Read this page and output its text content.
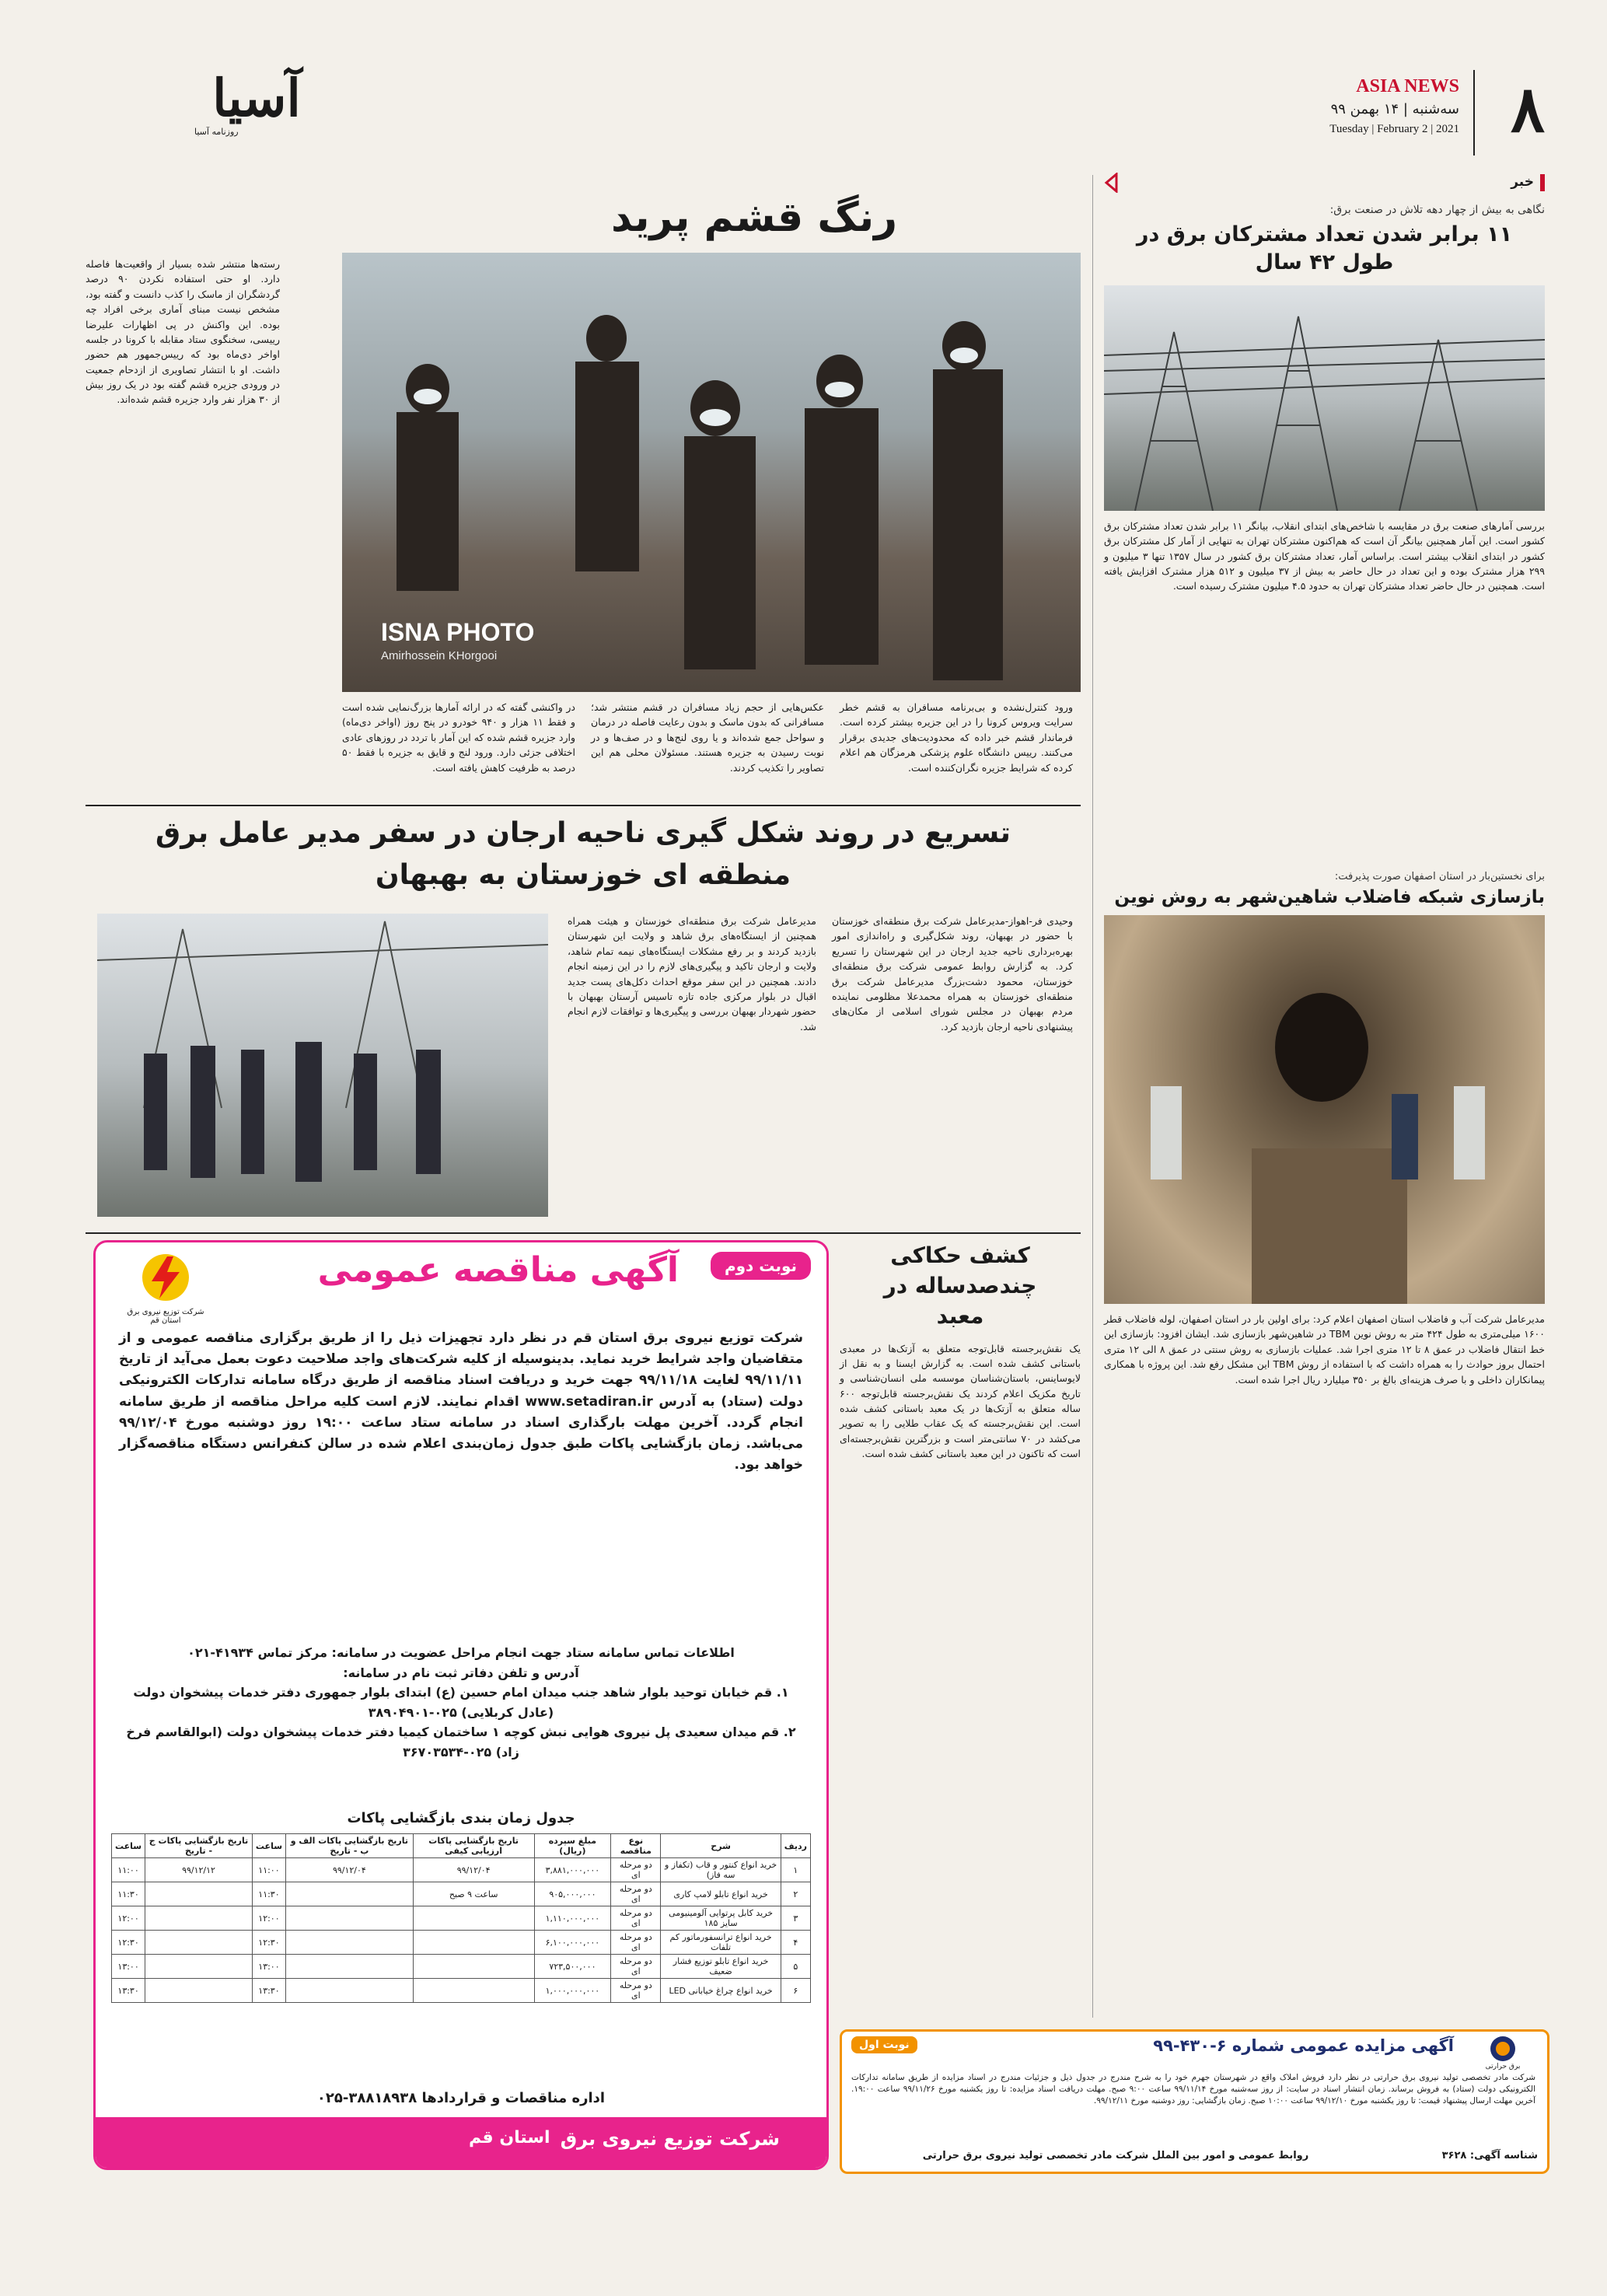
۸
ASIA NEWS
سه‌شنبه | ۱۴ بهمن ۹۹
Tuesday | February 2 | 2021
آسیا
روزنامه آسیا
خبر
نگاهی به بیش از چهار دهه تلاش در صنعت برق:
۱۱ برابر شدن تعداد مشترکان برق در طول ۴۲ سال
بررسی آمارهای صنعت برق در مقایسه با شاخص‌های ابتدای انقلاب، بیانگر ۱۱ برابر شدن تعداد مشترکان برق کشور است. این آمار همچنین بیانگر آن است که هم‌اکنون مشترکان تهران به تنهایی از آمار کل مشترکان برق کشور در ابتدای انقلاب بیشتر است. براساس آمار، تعداد مشترکان برق کشور در سال ۱۳۵۷ تنها ۳ میلیون و ۲۹۹ هزار مشترک بوده و این تعداد در حال حاضر به بیش از ۳۷ میلیون و ۵۱۲ هزار مشترک افزایش یافته است. همچنین در حال حاضر تعداد مشترکان تهران به حدود ۴.۵ میلیون مشترک رسیده است.
برای نخستین‌بار در استان اصفهان صورت پذیرفت:
بازسازی شبکه فاضلاب شاهین‌شهر به روش نوین
مدیرعامل شرکت آب و فاضلاب استان اصفهان اعلام کرد: برای اولین بار در استان اصفهان، لوله فاضلاب قطر ۱۶۰۰ میلی‌متری به طول ۴۲۴ متر به روش نوین TBM در شاهین‌شهر بازسازی شد. ایشان افزود: بازسازی این خط انتقال فاضلاب در عمق ۸ تا ۱۲ متری اجرا شد. عملیات بازسازی به روش سنتی در عمق ۸ الی ۱۲ متری احتمال بروز حوادث را به همراه داشت که با استفاده از روش TBM این مشکل رفع شد. این پروژه با همکاری پیمانکاران داخلی و با صرف هزینه‌ای بالغ بر ۳۵۰ میلیارد ریال اجرا شده است.
رنگ قشم پرید
رسته‌ها منتشر شده بسیار از واقعیت‌ها فاصله دارد. او حتی استفاده نکردن ۹۰ درصد گردشگران از ماسک را کذب دانست و گفته بود، مشخص نیست مبنای آماری برخی افراد چه بوده. این واکنش در پی اظهارات علیرضا رییسی، سخنگوی ستاد مقابله با کرونا در جلسه اواخر دی‌ماه بود که رییس‌جمهور هم حضور داشت. او با انتشار تصاویری از ازدحام جمعیت در ورودی جزیره قشم گفته بود در یک روز بیش از ۳۰ هزار نفر وارد جزیره قشم شده‌اند.
ISNA PHOTO
Amirhossein KHorgooi
در واکنشی گفته که در ارائه آمارها بزرگ‌نمایی شده است و فقط ۱۱ هزار و ۹۴۰ خودرو در پنج روز (اواخر دی‌ماه) وارد جزیره قشم شده که این آمار با تردد در روزهای عادی اختلافی جزئی دارد. ورود لنج و قایق به جزیره با فقط ۵۰ درصد به ظرفیت کاهش یافته است.
عکس‌هایی از حجم زیاد مسافران در قشم منتشر شد؛ مسافرانی که بدون ماسک و بدون رعایت فاصله در درمان و سواحل جمع شده‌اند و یا روی لنج‌ها و در صف‌ها و در نوبت رسیدن به جزیره هستند. مسئولان محلی هم این تصاویر را تکذیب کردند.
ورود کنترل‌نشده و بی‌برنامه مسافران به قشم خطر سرایت ویروس کرونا را در این جزیره بیشتر کرده است. فرماندار قشم خبر داده که محدودیت‌های جدیدی برقرار می‌کنند. رییس دانشگاه علوم پزشکی هرمزگان هم اعلام کرده که شرایط جزیره نگران‌کننده است.
تسریع در روند شکل گیری ناحیه ارجان در سفر مدیر عامل برق منطقه ای خوزستان به بهبهان
مدیرعامل شرکت برق منطقه‌ای خوزستان و هیئت همراه همچنین از ایستگاه‌های برق شاهد و ولایت این شهرستان بازدید کردند و بر رفع مشکلات ایستگاه‌های نیمه تمام شاهد، ولایت و ارجان تاکید و پیگیری‌های لازم را در این زمینه انجام دادند. همچنین در این سفر موقع احداث دکل‌های پست جدید اقبال در بلوار مرکزی جاده تازه تاسیس آرستان بهبهان با حضور شهردار بهبهان بررسی و پیگیری‌ها و توافقات لازم انجام شد.
وحیدی فر-اهواز-مدیرعامل شرکت برق منطقه‌ای خوزستان با حضور در بهبهان، روند شکل‌گیری و راه‌اندازی امور بهره‌برداری ناحیه جدید ارجان در این شهرستان را تسریع کرد. به گزارش روابط عمومی شرکت برق منطقه‌ای خوزستان، محمود دشت‌بزرگ مدیرعامل شرکت برق منطقه‌ای خوزستان به همراه محمدعلا مظلومی نماینده مردم بهبهان در مجلس شورای اسلامی از مکان‌های پیشنهادی ناحیه ارجان بازدید کرد.
کشف حکاکی چندصدساله در معبد
یک نقش‌برجسته قابل‌توجه متعلق به آزتک‌ها در معبدی باستانی کشف شده است. به گزارش ایسنا و به نقل از لایوساینس، باستان‌شناسان موسسه ملی انسان‌شناسی و تاریخ مکزیک اعلام کردند یک نقش‌برجسته قابل‌توجه ۶۰۰ ساله متعلق به آزتک‌ها در یک معبد باستانی کشف شده است. این نقش‌برجسته که یک عقاب طلایی را به تصویر می‌کشد در ۷۰ سانتی‌متر است و بزرگترین نقش‌برجسته‌ای است که تاکنون در این معبد باستانی کشف شده است.
نوبت دوم
آگهی مناقصه عمومی
شرکت توزیع نیروی برق استان قم
شرکت توزیع نیروی برق استان قم در نظر دارد تجهیزات ذیل را از طریق برگزاری مناقصه عمومی و از متقاضیان واجد شرایط خرید نماید. بدینوسیله از کلیه شرکت‌های واجد صلاحیت دعوت بعمل می‌آید از تاریخ ۹۹/۱۱/۱۱ لغایت ۹۹/۱۱/۱۸ جهت خرید و دریافت اسناد مناقصه از طریق درگاه سامانه تدارکات الکترونیکی دولت (ستاد) به آدرس www.setadiran.ir اقدام نمایند. لازم است کلیه مراحل مناقصه از طریق سامانه انجام گردد. آخرین مهلت بارگذاری اسناد در سامانه ستاد ساعت ۱۹:۰۰ روز دوشنبه مورخ ۹۹/۱۲/۰۴ می‌باشد. زمان بازگشایی پاکات طبق جدول زمان‌بندی اعلام شده در سالن کنفرانس دستگاه مناقصه‌گزار خواهد بود.
اطلاعات تماس سامانه ستاد جهت انجام مراحل عضویت در سامانه: مرکز تماس ۴۱۹۳۴-۰۲۱
آدرس و تلفن دفاتر ثبت نام در سامانه:
۱. قم خیابان توحید بلوار شاهد جنب میدان امام حسین (ع) ابتدای بلوار جمهوری دفتر خدمات پیشخوان دولت (عادل کربلایی) ۰۲۵-۳۸۹۰۴۹۰۱
۲. قم میدان سعیدی پل نیروی هوایی نبش کوچه ۱ ساختمان کیمیا دفتر خدمات پیشخوان دولت (ابوالقاسم فرخ زاد) ۰۲۵-۳۶۷۰۳۵۳۴
جدول زمان بندی بازگشایی پاکات
ردیف	شرح	نوع مناقصه	مبلغ سپرده (ریال)	تاریخ بازگشایی پاکات ارزیابی کیفی	تاریخ بازگشایی پاکات الف و ب - تاریخ	ساعت	تاریخ بازگشایی پاکات ج - تاریخ	ساعت
۱	خرید انواع کنتور و قاب (تکفاز و سه فاز)	دو مرحله ای	۳,۸۸۱,۰۰۰,۰۰۰	۹۹/۱۲/۰۴	۹۹/۱۲/۰۴	۱۱:۰۰	۹۹/۱۲/۱۲	۱۱:۰۰
۲	خرید انواع تابلو لامپ کاری	دو مرحله ای	۹۰۵,۰۰۰,۰۰۰	ساعت ۹ صبح		۱۱:۳۰		۱۱:۳۰
۳	خرید کابل پرتوایی آلومینیومی سایز ۱۸۵	دو مرحله ای	۱,۱۱۰,۰۰۰,۰۰۰			۱۲:۰۰		۱۲:۰۰
۴	خرید انواع ترانسفورماتور کم تلفات	دو مرحله ای	۶,۱۰۰,۰۰۰,۰۰۰			۱۲:۳۰		۱۲:۳۰
۵	خرید انواع تابلو توزیع فشار ضعیف	دو مرحله ای	۷۲۳,۵۰۰,۰۰۰			۱۳:۰۰		۱۳:۰۰
۶	خرید انواع چراغ خیابانی LED	دو مرحله ای	۱,۰۰۰,۰۰۰,۰۰۰			۱۳:۳۰		۱۳:۳۰
اداره مناقصات و قراردادها ۳۸۸۱۸۹۳۸-۰۲۵
شرکت توزیع نیروی برق
استان قم
نوبت اول	آگهی مزایده عمومی شماره ۶-۴۳۰-۹۹
برق حرارتی
شرکت مادر تخصصی تولید نیروی برق حرارتی در نظر دارد فروش املاک واقع در شهرستان جهرم خود را به شرح مندرج در جدول ذیل و جزئیات مندرج در اسناد مزایده از طریق سامانه تدارکات الکترونیکی دولت (ستاد) به فروش برساند. زمان انتشار اسناد در سایت: از روز سه‌شنبه مورخ ۹۹/۱۱/۱۴ ساعت ۹:۰۰ صبح. مهلت دریافت اسناد مزایده: تا روز یکشنبه مورخ ۹۹/۱۱/۲۶ ساعت ۱۹:۰۰. آخرین مهلت ارسال پیشنهاد قیمت: تا روز یکشنبه مورخ ۹۹/۱۲/۱۰ ساعت ۱۰:۰۰ صبح. زمان بازگشایی: روز دوشنبه مورخ ۹۹/۱۲/۱۱.
روابط عمومی و امور بین الملل شرکت مادر تخصصی تولید نیروی برق حرارتی	شناسه آگهی: ۳۶۲۸
